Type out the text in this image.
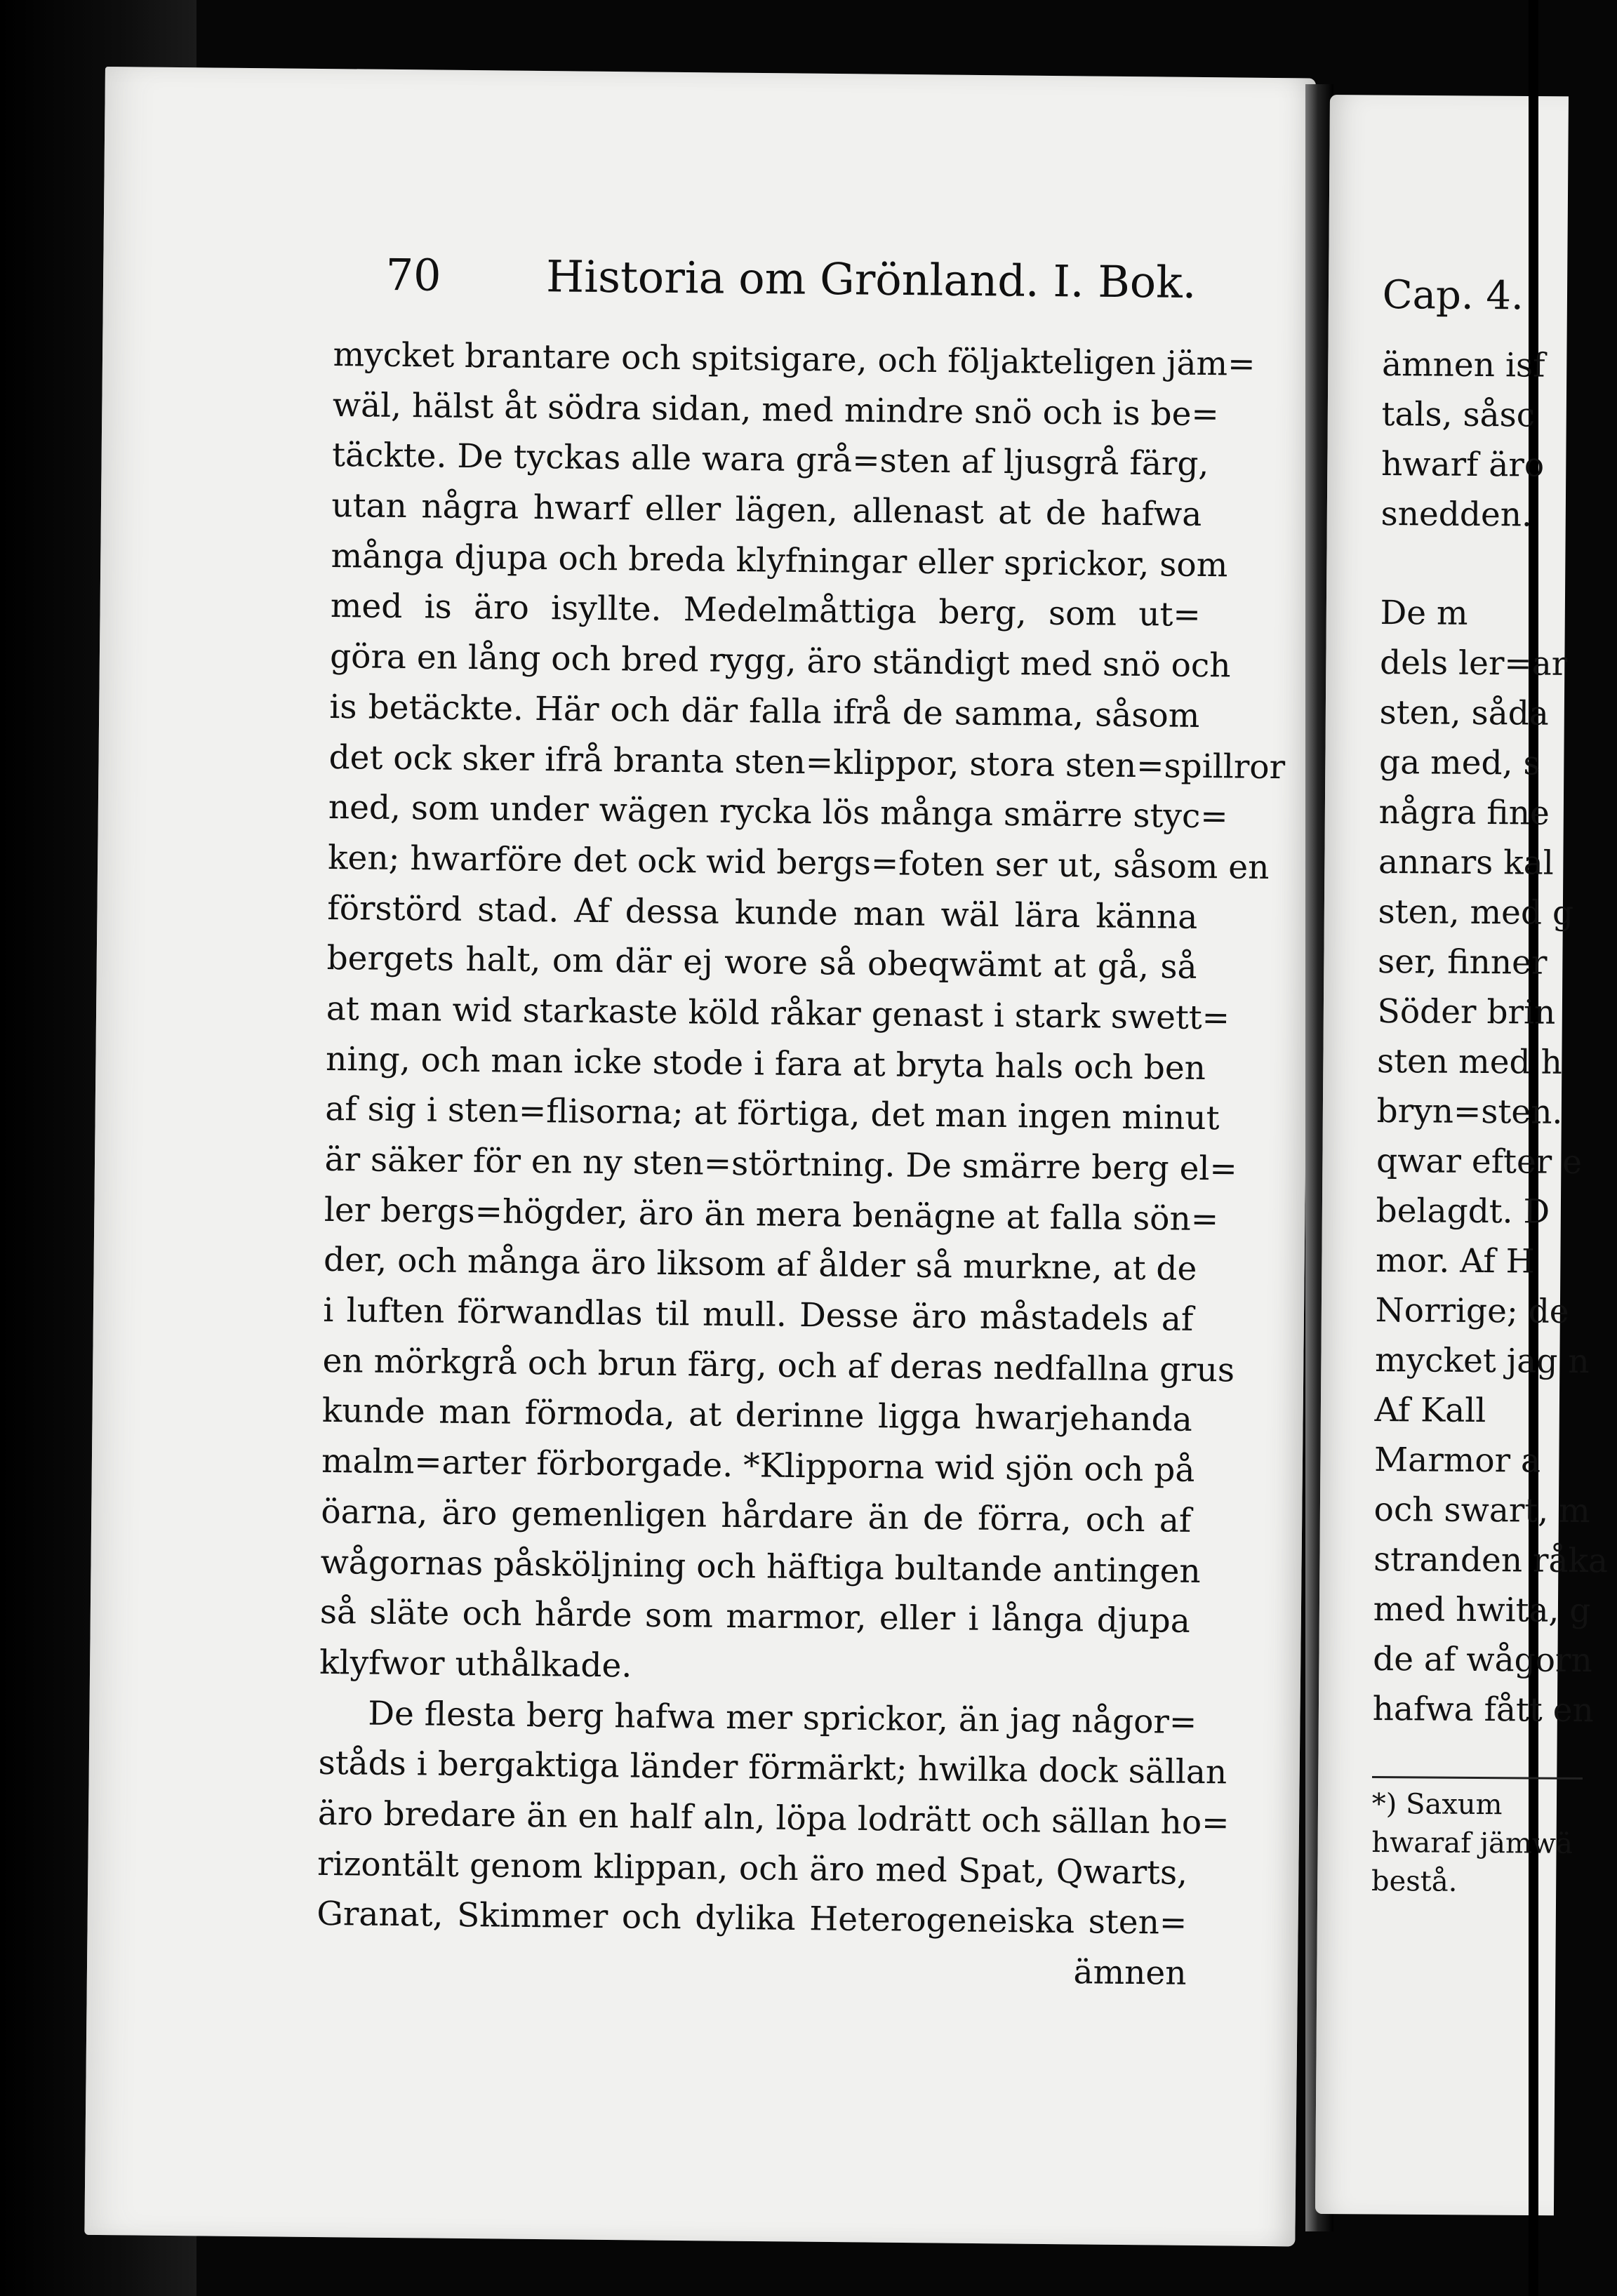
70 Historia om Grönland. I. Bok.
mycket brantare och spitsigare, och följakteligen jäm=
wäl, hälst åt södra sidan, med mindre snö och is be=
täckte. De tyckas alle wara grå=sten af ljusgrå färg,
utan några hwarf eller lägen, allenast at de hafwa
många djupa och breda klyfningar eller sprickor, som
med is äro isyllte. Medelmåttiga berg, som ut=
göra en lång och bred rygg, äro ständigt med snö och
is betäckte. Här och där falla ifrå de samma, såsom
det ock sker ifrå branta sten=klippor, stora sten=spillror
ned, som under wägen rycka lös många smärre styc=
ken; hwarföre det ock wid bergs=foten ser ut, såsom en
förstörd stad. Af dessa kunde man wäl lära känna
bergets halt, om där ej wore så obeqwämt at gå, så
at man wid starkaste köld råkar genast i stark swett=
ning, och man icke stode i fara at bryta hals och ben
af sig i sten=flisorna; at förtiga, det man ingen minut
är säker för en ny sten=störtning. De smärre berg el=
ler bergs=högder, äro än mera benägne at falla sön=
der, och många äro liksom af ålder så murkne, at de
i luften förwandlas til mull. Desse äro måstadels af
en mörkgrå och brun färg, och af deras nedfallna grus
kunde man förmoda, at derinne ligga hwarjehanda
malm=arter förborgade. *Klipporna wid sjön och på
öarna, äro gemenligen hårdare än de förra, och af
wågornas påsköljning och häftiga bultande antingen
så släte och hårde som marmor, eller i långa djupa
klyfwor uthålkade.
De flesta berg hafwa mer sprickor, än jag någor=
ståds i bergaktiga länder förmärkt; hwilka dock sällan
äro bredare än en half aln, löpa lodrätt och sällan ho=
rizontält genom klippan, och äro med Spat, Qwarts,
Granat, Skimmer och dylika Heterogeneiska sten=
ämnen
Cap. 4.
ämnen isf
tals, såsc
hwarf äro
snedden.
De m
dels ler=ar
sten, såda
ga med, s
några fine
annars kal
sten, med g
ser, finner
Söder brin
sten med h
bryn=sten.
qwar efter e
belagdt. D
mor. Af H
Norrige; de
mycket jag n
Af Kall
Marmor a
och swart, m
stranden råka
med hwita, g
de af wågorn
hafwa fått en
*) Saxum
hwaraf jämwä
bestå.
